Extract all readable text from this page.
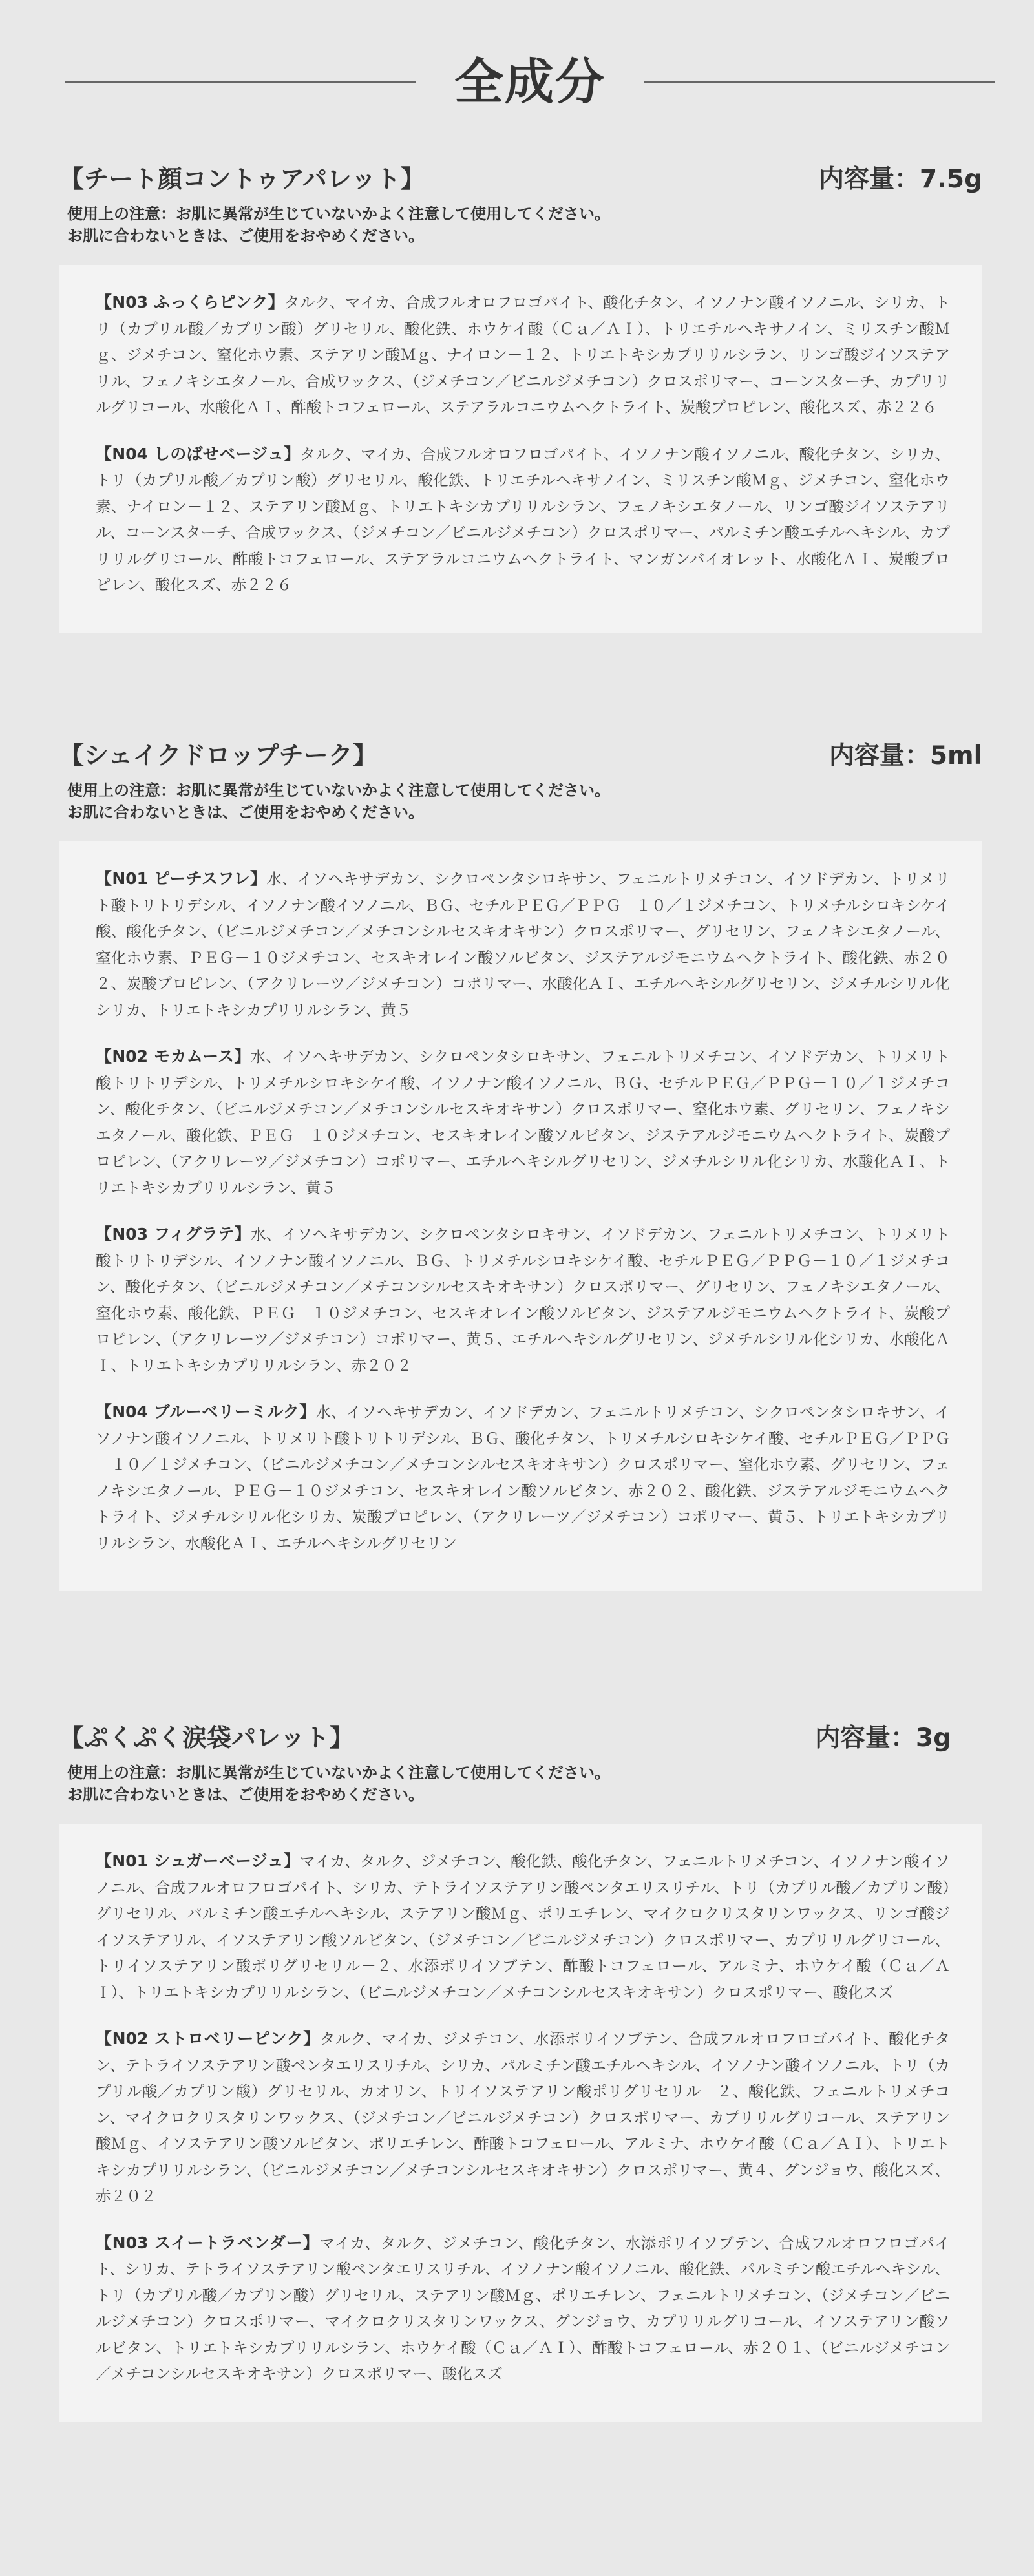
全成分
【チート顔コントゥアパレット】	内容量：7.5g
使用上の注意：お肌に異常が生じていないかよく注意して使用してください。
お肌に合わないときは、ご使用をおやめください。

【N03 ふっくらピンク】タルク、マイカ、合成フルオロフロゴパイト、酸化チタン、イソノナン酸イソノニル、シリカ、トリ（カプリル酸／カプリン酸）グリセリル、酸化鉄、ホウケイ酸（Ｃａ／ＡＩ）、トリエチルヘキサノイン、ミリスチン酸Ｍｇ、ジメチコン、窒化ホウ素、ステアリン酸Ｍｇ、ナイロン－１２、トリエトキシカプリリルシラン、リンゴ酸ジイソステアリル、フェノキシエタノール、合成ワックス、（ジメチコン／ビニルジメチコン）クロスポリマー、コーンスターチ、カプリリルグリコール、水酸化ＡＩ、酢酸トコフェロール、ステアラルコニウムヘクトライト、炭酸プロピレン、酸化スズ、赤２２６

【N04 しのばせベージュ】タルク、マイカ、合成フルオロフロゴパイト、イソノナン酸イソノニル、酸化チタン、シリカ、トリ（カプリル酸／カプリン酸）グリセリル、酸化鉄、トリエチルヘキサノイン、ミリスチン酸Ｍｇ、ジメチコン、窒化ホウ素、ナイロン－１２、ステアリン酸Ｍｇ、トリエトキシカプリリルシラン、フェノキシエタノール、リンゴ酸ジイソステアリル、コーンスターチ、合成ワックス、（ジメチコン／ビニルジメチコン）クロスポリマー、パルミチン酸エチルヘキシル、カプリリルグリコール、酢酸トコフェロール、ステアラルコニウムヘクトライト、マンガンバイオレット、水酸化ＡＩ、炭酸プロピレン、酸化スズ、赤２２６

【シェイクドロップチーク】	内容量：5ml
使用上の注意：お肌に異常が生じていないかよく注意して使用してください。
お肌に合わないときは、ご使用をおやめください。

【N01 ピーチスフレ】水、イソヘキサデカン、シクロペンタシロキサン、フェニルトリメチコン、イソドデカン、トリメリト酸トリトリデシル、イソノナン酸イソノニル、ＢＧ、セチルＰＥＧ／ＰＰＧ－１０／１ジメチコン、トリメチルシロキシケイ酸、酸化チタン、（ビニルジメチコン／メチコンシルセスキオキサン）クロスポリマー、グリセリン、フェノキシエタノール、窒化ホウ素、ＰＥＧ－１０ジメチコン、セスキオレイン酸ソルビタン、ジステアルジモニウムヘクトライト、酸化鉄、赤２０２、炭酸プロピレン、（アクリレーツ／ジメチコン）コポリマー、水酸化ＡＩ、エチルヘキシルグリセリン、ジメチルシリル化シリカ、トリエトキシカプリリルシラン、黄５

【N02 モカムース】水、イソヘキサデカン、シクロペンタシロキサン、フェニルトリメチコン、イソドデカン、トリメリト酸トリトリデシル、トリメチルシロキシケイ酸、イソノナン酸イソノニル、ＢＧ、セチルＰＥＧ／ＰＰＧ－１０／１ジメチコン、酸化チタン、（ビニルジメチコン／メチコンシルセスキオキサン）クロスポリマー、窒化ホウ素、グリセリン、フェノキシエタノール、酸化鉄、ＰＥＧ－１０ジメチコン、セスキオレイン酸ソルビタン、ジステアルジモニウムヘクトライト、炭酸プロピレン、（アクリレーツ／ジメチコン）コポリマー、エチルヘキシルグリセリン、ジメチルシリル化シリカ、水酸化ＡＩ、トリエトキシカプリリルシラン、黄５

【N03 フィグラテ】水、イソヘキサデカン、シクロペンタシロキサン、イソドデカン、フェニルトリメチコン、トリメリト酸トリトリデシル、イソノナン酸イソノニル、ＢＧ、トリメチルシロキシケイ酸、セチルＰＥＧ／ＰＰＧ－１０／１ジメチコン、酸化チタン、（ビニルジメチコン／メチコンシルセスキオキサン）クロスポリマー、グリセリン、フェノキシエタノール、窒化ホウ素、酸化鉄、ＰＥＧ－１０ジメチコン、セスキオレイン酸ソルビタン、ジステアルジモニウムヘクトライト、炭酸プロピレン、（アクリレーツ／ジメチコン）コポリマー、黄５、エチルヘキシルグリセリン、ジメチルシリル化シリカ、水酸化ＡＩ、トリエトキシカプリリルシラン、赤２０２

【N04 ブルーベリーミルク】水、イソヘキサデカン、イソドデカン、フェニルトリメチコン、シクロペンタシロキサン、イソノナン酸イソノニル、トリメリト酸トリトリデシル、ＢＧ、酸化チタン、トリメチルシロキシケイ酸、セチルＰＥＧ／ＰＰＧ－１０／１ジメチコン、（ビニルジメチコン／メチコンシルセスキオキサン）クロスポリマー、窒化ホウ素、グリセリン、フェノキシエタノール、ＰＥＧ－１０ジメチコン、セスキオレイン酸ソルビタン、赤２０２、酸化鉄、ジステアルジモニウムヘクトライト、ジメチルシリル化シリカ、炭酸プロピレン、（アクリレーツ／ジメチコン）コポリマー、黄５、トリエトキシカプリリルシラン、水酸化ＡＩ、エチルヘキシルグリセリン

【ぷくぷく涙袋パレット】	内容量：3g
使用上の注意：お肌に異常が生じていないかよく注意して使用してください。
お肌に合わないときは、ご使用をおやめください。

【N01 シュガーベージュ】マイカ、タルク、ジメチコン、酸化鉄、酸化チタン、フェニルトリメチコン、イソノナン酸イソノニル、合成フルオロフロゴパイト、シリカ、テトライソステアリン酸ペンタエリスリチル、トリ（カプリル酸／カプリン酸）グリセリル、パルミチン酸エチルヘキシル、ステアリン酸Ｍｇ、ポリエチレン、マイクロクリスタリンワックス、リンゴ酸ジイソステアリル、イソステアリン酸ソルビタン、（ジメチコン／ビニルジメチコン）クロスポリマー、カプリリルグリコール、トリイソステアリン酸ポリグリセリル－２、水添ポリイソブテン、酢酸トコフェロール、アルミナ、ホウケイ酸（Ｃａ／ＡＩ）、トリエトキシカプリリルシラン、（ビニルジメチコン／メチコンシルセスキオキサン）クロスポリマー、酸化スズ

【N02 ストロベリーピンク】タルク、マイカ、ジメチコン、水添ポリイソブテン、合成フルオロフロゴパイト、酸化チタン、テトライソステアリン酸ペンタエリスリチル、シリカ、パルミチン酸エチルヘキシル、イソノナン酸イソノニル、トリ（カプリル酸／カプリン酸）グリセリル、カオリン、トリイソステアリン酸ポリグリセリル－２、酸化鉄、フェニルトリメチコン、マイクロクリスタリンワックス、（ジメチコン／ビニルジメチコン）クロスポリマー、カプリリルグリコール、ステアリン酸Ｍｇ、イソステアリン酸ソルビタン、ポリエチレン、酢酸トコフェロール、アルミナ、ホウケイ酸（Ｃａ／ＡＩ）、トリエトキシカプリリルシラン、（ビニルジメチコン／メチコンシルセスキオキサン）クロスポリマー、黄４、グンジョウ、酸化スズ、赤２０２

【N03 スイートラベンダー】マイカ、タルク、ジメチコン、酸化チタン、水添ポリイソブテン、合成フルオロフロゴパイト、シリカ、テトライソステアリン酸ペンタエリスリチル、イソノナン酸イソノニル、酸化鉄、パルミチン酸エチルヘキシル、トリ（カプリル酸／カプリン酸）グリセリル、ステアリン酸Ｍｇ、ポリエチレン、フェニルトリメチコン、（ジメチコン／ビニルジメチコン）クロスポリマー、マイクロクリスタリンワックス、グンジョウ、カプリリルグリコール、イソステアリン酸ソルビタン、トリエトキシカプリリルシラン、ホウケイ酸（Ｃａ／ＡＩ）、酢酸トコフェロール、赤２０１、（ビニルジメチコン／メチコンシルセスキオキサン）クロスポリマー、酸化スズ
